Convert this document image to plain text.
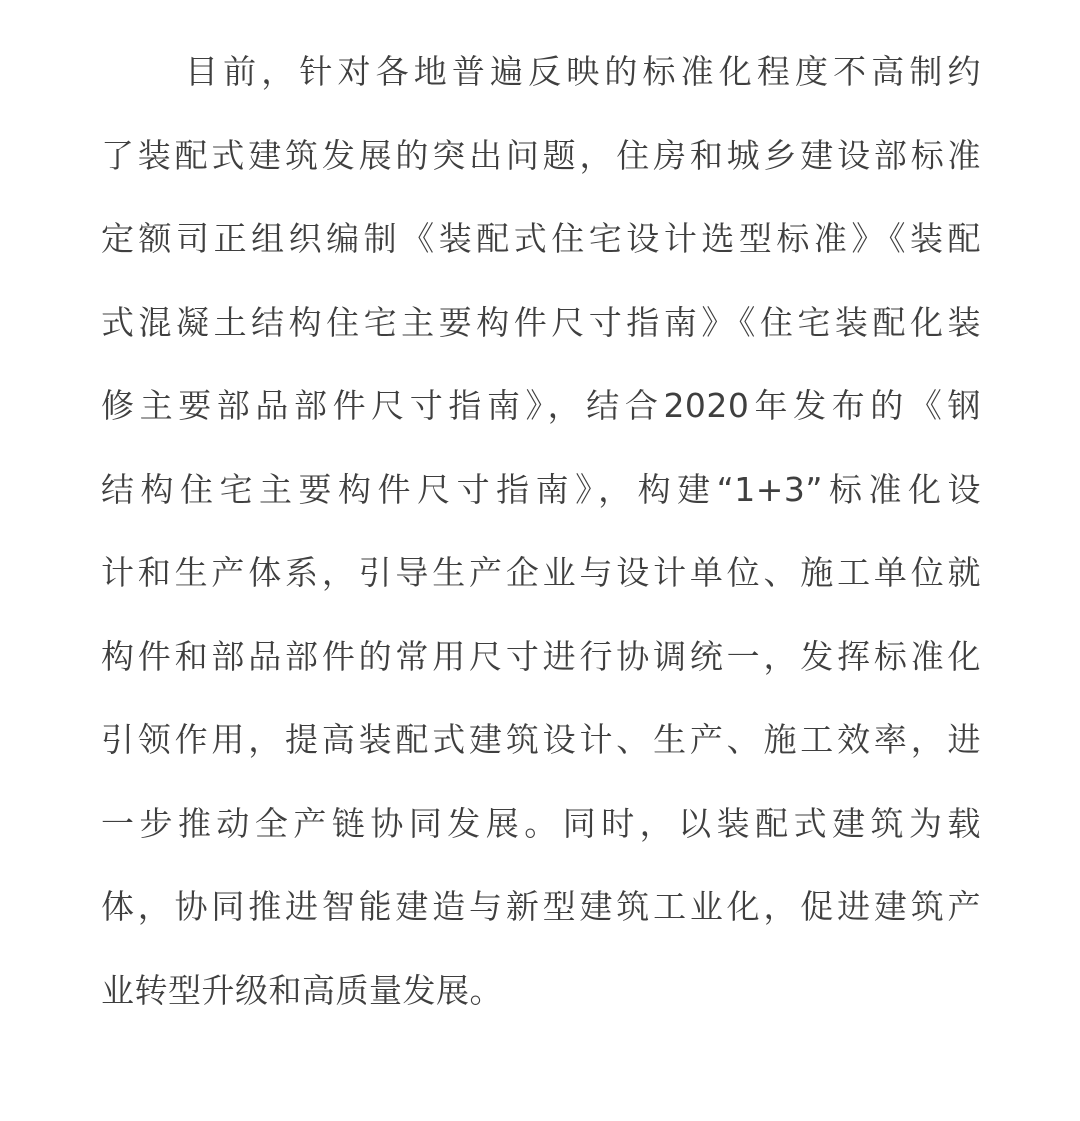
目前，针对各地普遍反映的标准化程度不高制约
了装配式建筑发展的突出问题，住房和城乡建设部标准
定额司正组织编制《装配式住宅设计选型标准》《装配
式混凝土结构住宅主要构件尺寸指南》《住宅装配化装
修主要部品部件尺寸指南》，结合2020年发布的《钢
结构住宅主要构件尺寸指南》，构建“1+3”标准化设
计和生产体系，引导生产企业与设计单位、施工单位就
构件和部品部件的常用尺寸进行协调统一，发挥标准化
引领作用，提高装配式建筑设计、生产、施工效率，进
一步推动全产链协同发展。同时，以装配式建筑为载
体，协同推进智能建造与新型建筑工业化，促进建筑产
业转型升级和高质量发展。
